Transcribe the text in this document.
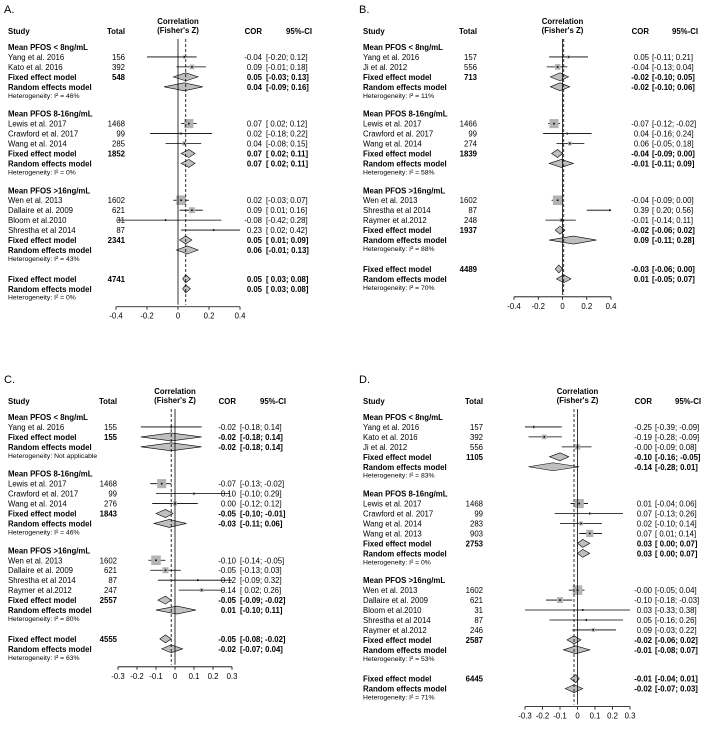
A.
Study	Total
Correlation
(Fisher's Z)	COR	95%-CI
Mean PFOS < 8ng/mL
Yang et al. 2016	156	-0.04 [-0.20; 0.12]
Kato et al. 2016	392	0.09 [-0.01; 0.18]
Fixed effect model	548	0.05 [-0.03; 0.13]
Random effects model	0.04 [-0.09; 0.16]
Heterogeneity: I² = 46%
Mean PFOS 8-16ng/mL
Lewis et al. 2017	1468	0.07 [ 0.02; 0.12]
Crawford et al. 2017	99	0.02 [-0.18; 0.22]
Wang et al. 2014	285	0.04 [-0.08; 0.15]
Fixed effect model	1852	0.07 [ 0.02; 0.11]
Random effects model	0.07 [ 0.02; 0.11]
Heterogeneity: I² = 0%
Mean PFOS >16ng/mL
Wen et al. 2013	1602	0.02 [-0.03; 0.07]
Dallaire et al. 2009	621	0.09 [ 0.01; 0.16]
Bloom et al.2010	31	-0.08 [-0.42; 0.28]
Shrestha et al 2014	87	0.23 [ 0.02; 0.42]
Fixed effect model	2341	0.05 [ 0.01; 0.09]
Random effects model	0.06 [-0.01; 0.13]
Heterogeneity: I² = 43%
Fixed effect model	4741	0.05 [ 0.03; 0.08]
Random effects model	0.05 [ 0.03; 0.08]
Heterogeneity: I² = 0%
-0.4 -0.2	0	0.2	0.4
B.
Study	Total
Correlation
(Fisher's Z)	COR	95%-CI
Mean PFOS < 8ng/mL
Yang et al. 2016	157	0.05 [-0.11; 0.21]
Ji et al. 2012	556	-0.04 [-0.13; 0.04]
Fixed effect model	713	-0.02 [-0.10; 0.05]
Random effects model	-0.02 [-0.10; 0.06]
Heterogeneity: I² = 11%
Mean PFOS 8-16ng/mL
Lewis et al. 2017	1466	-0.07 [-0.12; -0.02]
Crawford et al. 2017	99	0.04 [-0.16; 0.24]
Wang et al. 2014	274	0.06 [-0.05; 0.18]
Fixed effect model	1839	-0.04 [-0.09; 0.00]
Random effects model	-0.01 [-0.11; 0.09]
Heterogeneity: I² = 58%
Mean PFOS >16ng/mL
Wen et al. 2013	1602	-0.04 [-0.09; 0.00]
Shrestha et al 2014	87	0.39 [ 0.20; 0.56]
Raymer et al.2012	248	-0.01 [-0.14; 0.11]
Fixed effect model	1937	-0.02 [-0.06; 0.02]
Random effects model	0.09 [-0.11; 0.28]
Heterogeneity: I² = 88%
Fixed effect model	4489	-0.03 [-0.06; 0.00]
Random effects model	0.01 [-0.05; 0.07]
Heterogeneity: I² = 70%
-0.4 -0.2 0 0.2 0.4
C.
Study	Total
Correlation
(Fisher's Z)	COR	95%-CI
Mean PFOS < 8ng/mL
Yang et al. 2016	155	-0.02 [-0.18; 0.14]
Fixed effect model	155	-0.02 [-0.18; 0.14]
Random effects model	-0.02 [-0.18; 0.14]
Heterogeneity: Not applicable
Mean PFOS 8-16ng/mL
Lewis et al. 2017	1468	-0.07 [-0.13; -0.02]
Crawford et al. 2017	99	0.10 [-0.10; 0.29]
Wang et al. 2014	276	0.00 [-0.12; 0.12]
Fixed effect model	1843	-0.05 [-0.10; -0.01]
Random effects model	-0.03 [-0.11; 0.06]
Heterogeneity: I² = 46%
Mean PFOS >16ng/mL
Wen et al. 2013	1602	-0.10 [-0.14; -0.05]
Dallaire et al. 2009	621	-0.05 [-0.13; 0.03]
Shrestha et al 2014	87	0.12 [-0.09; 0.32]
Raymer et al.2012	247	0.14 [ 0.02; 0.26]
Fixed effect model	2557	-0.05 [-0.09; -0.02]
Random effects model	0.01 [-0.10; 0.11]
Heterogeneity: I² = 80%
Fixed effect model	4555	-0.05 [-0.08; -0.02]
Random effects model	-0.02 [-0.07; 0.04]
Heterogeneity: I² = 63%
-0.3 -0.2 -0.1 0 0.1 0.2 0.3
D.
Study	Total
Correlation
(Fisher's Z)	COR	95%-CI
Mean PFOS < 8ng/mL
Yang et al. 2016	157	-0.25 [-0.39; -0.09]
Kato et al. 2016	392	-0.19 [-0.28; -0.09]
Ji et al. 2012	556	-0.00 [-0.09; 0.08]
Fixed effect model	1105	-0.10 [-0.16; -0.05]
Random effects model	-0.14 [-0.28; 0.01]
Heterogeneity: I² = 83%
Mean PFOS 8-16ng/mL
Lewis et al. 2017	1468	0.01 [-0.04; 0.06]
Crawford et al. 2017	99	0.07 [-0.13; 0.26]
Wang et al. 2014	283	0.02 [-0.10; 0.14]
Wang et al. 2013	903	0.07 [ 0.01; 0.14]
Fixed effect model	2753	0.03 [ 0.00; 0.07]
Random effects model	0.03 [ 0.00; 0.07]
Heterogeneity: I² = 0%
Mean PFOS >16ng/mL
Wen et al. 2013	1602	-0.00 [-0.05; 0.04]
Dallaire et al. 2009	621	-0.10 [-0.18; -0.03]
Bloom et al.2010	31	0.03 [-0.33; 0.38]
Shrestha et al 2014	87	0.05 [-0.16; 0.26]
Raymer et al.2012	246	0.09 [-0.03; 0.22]
Fixed effect model	2587	-0.02 [-0.06; 0.02]
Random effects model	-0.01 [-0.08; 0.07]
Heterogeneity: I² = 53%
Fixed effect model	6445	-0.01 [-0.04; 0.01]
Random effects model	-0.02 [-0.07; 0.03]
Heterogeneity: I² = 71%
-0.3 -0.2 -0.1 0 0.1 0.2 0.3
